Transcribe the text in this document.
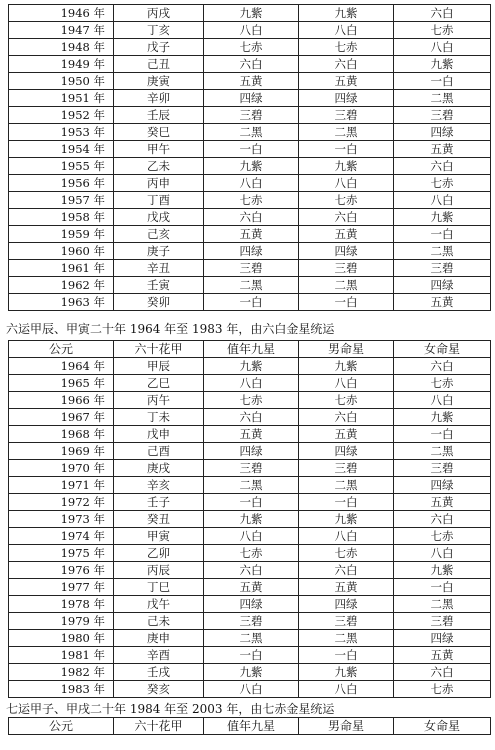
1946 年	丙戌	九紫	九紫	六白
1947 年	丁亥	八白	八白	七赤
1948 年	戊子	七赤	七赤	八白
1949 年	己丑	六白	六白	九紫
1950 年	庚寅	五黄	五黄	一白
1951 年	辛卯	四绿	四绿	二黑
1952 年	壬辰	三碧	三碧	三碧
1953 年	癸巳	二黑	二黑	四绿
1954 年	甲午	一白	一白	五黄
1955 年	乙未	九紫	九紫	六白
1956 年	丙申	八白	八白	七赤
1957 年	丁酉	七赤	七赤	八白
1958 年	戊戌	六白	六白	九紫
1959 年	己亥	五黄	五黄	一白
1960 年	庚子	四绿	四绿	二黑
1961 年	辛丑	三碧	三碧	三碧
1962 年	壬寅	二黑	二黑	四绿
1963 年	癸卯	一白	一白	五黄
六运甲辰、甲寅二十年 1964 年至 1983 年，由六白金星统运
公元	六十花甲	值年九星	男命星	女命星
1964 年	甲辰	九紫	九紫	六白
1965 年	乙巳	八白	八白	七赤
1966 年	丙午	七赤	七赤	八白
1967 年	丁未	六白	六白	九紫
1968 年	戊申	五黄	五黄	一白
1969 年	己酉	四绿	四绿	二黑
1970 年	庚戌	三碧	三碧	三碧
1971 年	辛亥	二黑	二黑	四绿
1972 年	壬子	一白	一白	五黄
1973 年	癸丑	九紫	九紫	六白
1974 年	甲寅	八白	八白	七赤
1975 年	乙卯	七赤	七赤	八白
1976 年	丙辰	六白	六白	九紫
1977 年	丁巳	五黄	五黄	一白
1978 年	戊午	四绿	四绿	二黑
1979 年	己未	三碧	三碧	三碧
1980 年	庚申	二黑	二黑	四绿
1981 年	辛酉	一白	一白	五黄
1982 年	壬戌	九紫	九紫	六白
1983 年	癸亥	八白	八白	七赤
七运甲子、甲戌二十年 1984 年至 2003 年，由七赤金星统运
公元	六十花甲	值年九星	男命星	女命星
